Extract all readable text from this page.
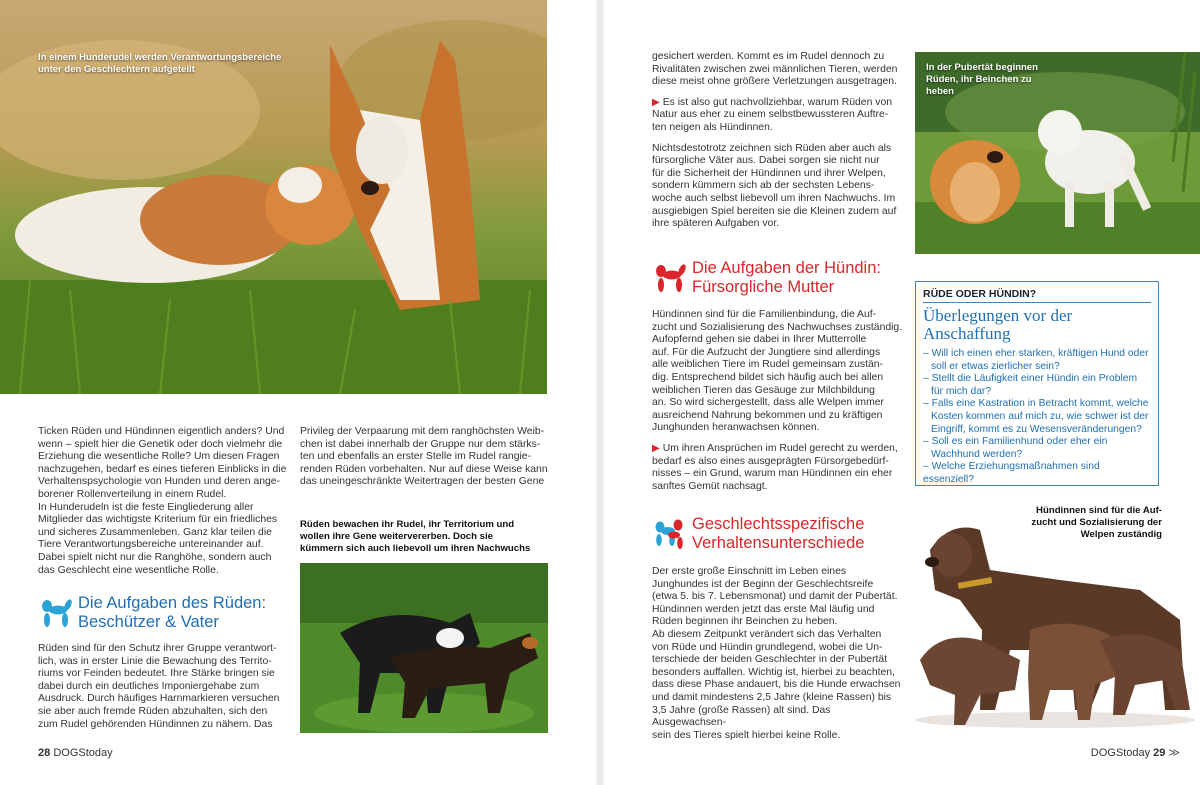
In einem Hunderudel werden Verantwortungsbereiche
unter den Geschlechtern aufgeteilt

Ticken Rüden und Hündinnen eigentlich anders? Und
wenn – spielt hier die Genetik oder doch vielmehr die
Erziehung die wesentliche Rolle? Um diesen Fragen
nachzugehen, bedarf es eines tieferen Einblicks in die
Verhaltenspsychologie von Hunden und deren ange-
borener Rollenverteilung in einem Rudel.
In Hunderudeln ist die feste Eingliederung aller
Mitglieder das wichtigste Kriterium für ein friedliches
und sicheres Zusammenleben. Ganz klar teilen die
Tiere Verantwortungsbereiche untereinander auf.
Dabei spielt nicht nur die Ranghöhe, sondern auch
das Geschlecht eine wesentliche Rolle.

Die Aufgaben des Rüden:
Beschützer & Vater
Rüden sind für den Schutz ihrer Gruppe verantwort-
lich, was in erster Linie die Bewachung des Territo-
riums vor Feinden bedeutet. Ihre Stärke bringen sie
dabei durch ein deutliches Imponiergehabe zum
Ausdruck. Durch häufiges Harnmarkieren versuchen
sie aber auch fremde Rüden abzuhalten, sich den
zum Rudel gehörenden Hündinnen zu nähern. Das
Privileg der Verpaarung mit dem ranghöchsten Weib-
chen ist dabei innerhalb der Gruppe nur dem stärks-
ten und ebenfalls an erster Stelle im Rudel rangie-
renden Rüden vorbehalten. Nur auf diese Weise kann
das uneingeschränkte Weitertragen der besten Gene
Rüden bewachen ihr Rudel, ihr Territorium und
wollen ihre Gene weitervererben. Doch sie
kümmern sich auch liebevoll um ihren Nachwuchs
28 DOGStoday

gesichert werden. Kommt es im Rudel dennoch zu
Rivalitäten zwischen zwei männlichen Tieren, werden
diese meist ohne größere Verletzungen ausgetragen.

▶ Es ist also gut nachvollziehbar, warum Rüden von
Natur aus eher zu einem selbstbewussteren Auftre-
ten neigen als Hündinnen.

Nichtsdestotrotz zeichnen sich Rüden aber auch als
fürsorgliche Väter aus. Dabei sorgen sie nicht nur
für die Sicherheit der Hündinnen und ihrer Welpen,
sondern kümmern sich ab der sechsten Lebens-
woche auch selbst liebevoll um ihren Nachwuchs. Im
ausgiebigen Spiel bereiten sie die Kleinen zudem auf
ihre späteren Aufgaben vor.

Die Aufgaben der Hündin:
Fürsorgliche Mutter

Hündinnen sind für die Familienbindung, die Auf-
zucht und Sozialisierung des Nachwuchses zuständig.
Aufopfernd gehen sie dabei in Ihrer Mutterrolle
auf. Für die Aufzucht der Jungtiere sind allerdings
alle weiblichen Tiere im Rudel gemeinsam zustän-
dig. Entsprechend bildet sich häufig auch bei allen
weiblichen Tieren das Gesäuge zur Milchbildung
an. So wird sichergestellt, dass alle Welpen immer
ausreichend Nahrung bekommen und zu kräftigen
Junghunden heranwachsen können.

▶ Um ihren Ansprüchen im Rudel gerecht zu werden,
bedarf es also eines ausgeprägten Fürsorgebedürf-
nisses – ein Grund, warum man Hündinnen ein eher
sanftes Gemüt nachsagt.

Geschlechtsspezifische
Verhaltensunterschiede
Der erste große Einschnitt im Leben eines
Junghundes ist der Beginn der Geschlechtsreife
(etwa 5. bis 7. Lebensmonat) und damit der Pubertät.
Hündinnen werden jetzt das erste Mal läufig und
Rüden beginnen ihr Beinchen zu heben.
Ab diesem Zeitpunkt verändert sich das Verhalten
von Rüde und Hündin grundlegend, wobei die Un-
terschiede der beiden Geschlechter in der Pubertät
besonders auffallen. Wichtig ist, hierbei zu beachten,
dass diese Phase andauert, bis die Hunde erwachsen
und damit mindestens 2,5 Jahre (kleine Rassen) bis
3,5 Jahre (große Rassen) alt sind. Das Ausgewachsen-
sein des Tieres spielt hierbei keine Rolle.
In der Pubertät beginnen
Rüden, ihr Beinchen zu
heben
RÜDE ODER HÜNDIN?
Überlegungen vor der
Anschaffung
– Will ich einen eher starken, kräftigen Hund oder
soll er etwas zierlicher sein?
– Stellt die Läufigkeit einer Hündin ein Problem
für mich dar?
– Falls eine Kastration in Betracht kommt, welche
Kosten kommen auf mich zu, wie schwer ist der
Eingriff, kommt es zu Wesensveränderungen?
– Soll es ein Familienhund oder eher ein
Wachhund werden?
– Welche Erziehungsmaßnahmen sind essenziell?
Hündinnen sind für die Auf-
zucht und Sozialisierung der
Welpen zuständig
DOGStoday 29 ≫
